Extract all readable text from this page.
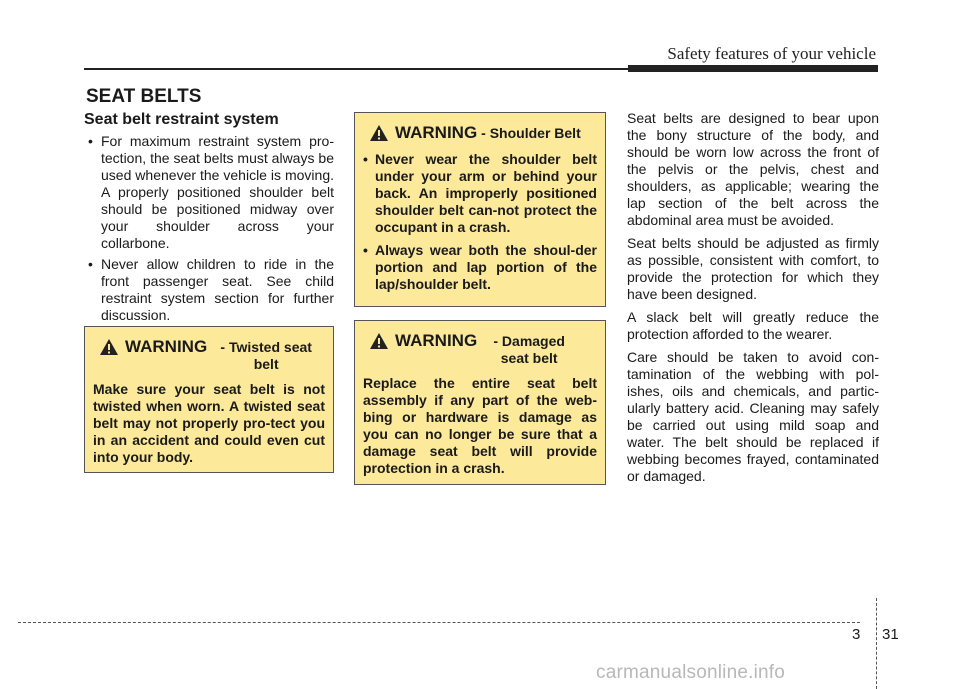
Safety features of your vehicle
SEAT BELTS
Seat belt restraint system
• For maximum restraint system pro-tection, the seat belts must always be used whenever the vehicle is moving. A properly positioned shoulder belt should be positioned midway over your shoulder across your collarbone.
• Never allow children to ride in the front passenger seat. See child restraint system section for further discussion.
WARNING - Twisted seat belt
Make sure your seat belt is not twisted when worn. A twisted seat belt may not properly pro-tect you in an accident and could even cut into your body.
WARNING - Shoulder Belt
• Never wear the shoulder belt under your arm or behind your back. An improperly positioned shoulder belt can-not protect the occupant in a crash.
• Always wear both the shoul-der portion and lap portion of the lap/shoulder belt.
WARNING	- Damaged seat belt
Replace the entire seat belt assembly if any part of the web-bing or hardware is damage as you can no longer be sure that a damage seat belt will provide protection in a crash.

Seat belts are designed to bear upon the bony structure of the body, and should be worn low across the front of the pelvis or the pelvis, chest and shoulders, as applicable; wearing the lap section of the belt across the abdominal area must be avoided.

Seat belts should be adjusted as firmly as possible, consistent with comfort, to provide the protection for which they have been designed.

A slack belt will greatly reduce the protection afforded to the wearer.

Care should be taken to avoid con-tamination of the webbing with pol-ishes, oils and chemicals, and partic-ularly battery acid. Cleaning may safely be carried out using mild soap and water. The belt should be replaced if webbing becomes frayed, contaminated or damaged.

3 31
carmanualsonline.info
